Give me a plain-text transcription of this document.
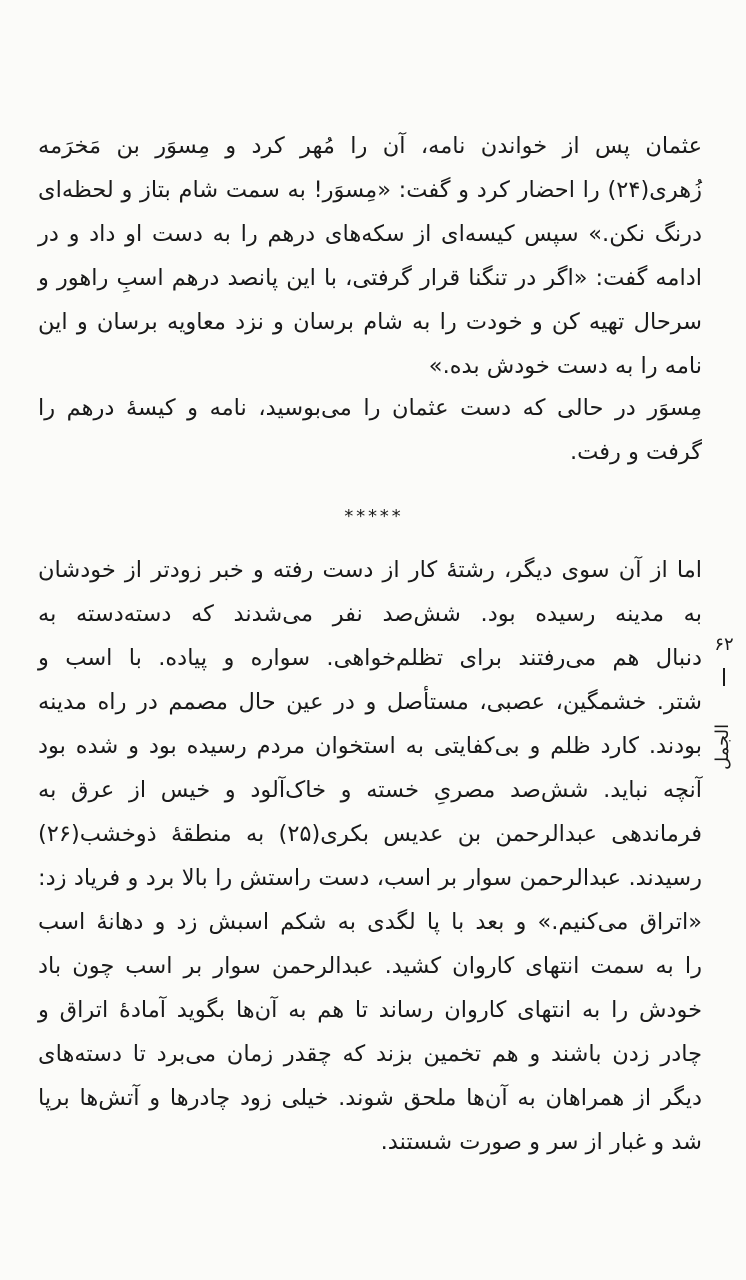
عثمان پس از خواندن نامه، آن را مُهر کرد و مِسوَر بن مَخرَمه
زُهری(۲۴) را احضار کرد و گفت: «مِسوَر! به سمت شام بتاز و لحظه‌ای
درنگ نکن.» سپس کیسه‌ای از سکه‌های درهم را به دست او داد و در
ادامه گفت: «اگر در تنگنا قرار گرفتی، با این پانصد درهم اسبِ راهور و
سرحال تهیه کن و خودت را به شام برسان و نزد معاویه برسان و این
نامه را به دست خودش بده.»
مِسوَر در حالی که دست عثمان را می‌بوسید، نامه و کیسهٔ درهم را
گرفت و رفت.
*****
اما از آن سوی دیگر، رشتهٔ کار از دست رفته و خبر زودتر از خودشان
به مدینه رسیده بود. شش‌صد نفر می‌شدند که دسته‌دسته به
دنبال هم می‌رفتند برای تظلم‌خواهی. سواره و پیاده. با اسب و
شتر. خشمگین، عصبی، مستأصل و در عین حال مصمم در راه مدینه
بودند. کارد ظلم و بی‌کفایتی به استخوان مردم رسیده بود و شده بود
آنچه نباید. شش‌صد مصریِ خسته و خاک‌آلود و خیس از عرق به
فرماندهی عبدالرحمن بن عدیس بکری(۲۵) به منطقهٔ ذوخشب(۲۶)
رسیدند. عبدالرحمن سوار بر اسب، دست راستش را بالا برد و فریاد زد:
«اتراق می‌کنیم.» و بعد با پا لگدی به شکم اسبش زد و دهانهٔ اسب
را به سمت انتهای کاروان کشید. عبدالرحمن سوار بر اسب چون باد
خودش را به انتهای کاروان رساند تا هم به آن‌ها بگوید آمادهٔ اتراق و
چادر زدن باشند و هم تخمین بزند که چقدر زمان می‌برد تا دسته‌های
دیگر از همراهان به آن‌ها ملحق شوند. خیلی زود چادرها و آتش‌ها برپا
شد و غبار از سر و صورت شستند.
۶۲
الجمل
